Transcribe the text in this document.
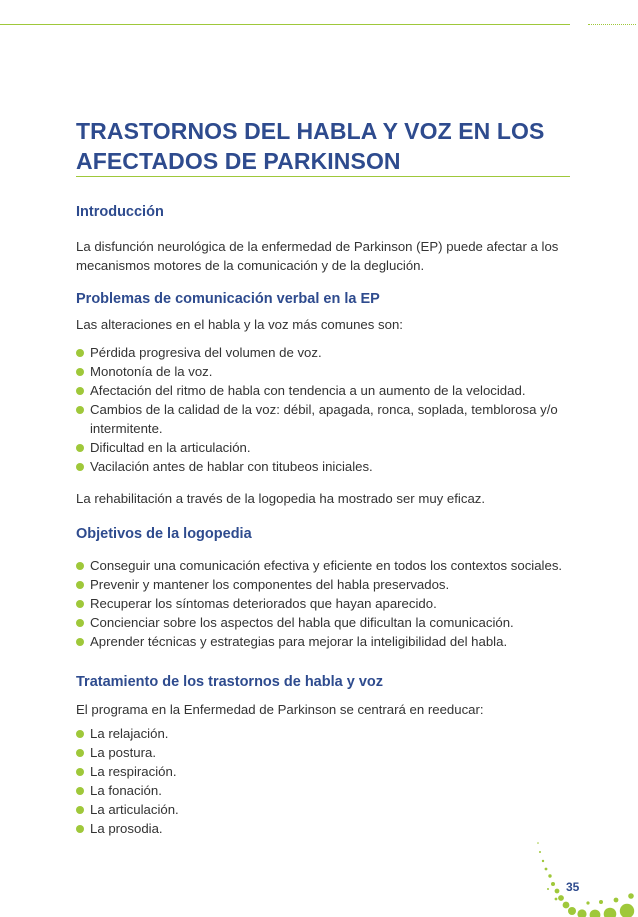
TRASTORNOS DEL HABLA Y VOZ EN LOS AFECTADOS DE PARKINSON
Introducción

La disfunción neurológica de la enfermedad de Parkinson (EP) puede afectar a los mecanismos motores de la comunicación y de la deglución.

Problemas de comunicación verbal en la EP

Las alteraciones en el habla y la voz más comunes son:

Pérdida progresiva del volumen de voz.
Monotonía de la voz.
Afectación del ritmo de habla con tendencia a un aumento de la velocidad.
Cambios de la calidad de la voz: débil, apagada, ronca, soplada, temblorosa y/o intermitente.
Dificultad en la articulación.
Vacilación antes de hablar con titubeos iniciales.

La rehabilitación a través de la logopedia ha mostrado ser muy eficaz.

Objetivos de la logopedia
Conseguir una comunicación efectiva y eficiente en todos los contextos sociales.
Prevenir y mantener los componentes del habla preservados.
Recuperar los síntomas deteriorados que hayan aparecido.
Concienciar sobre los aspectos del habla que dificultan la comunicación.
Aprender técnicas y estrategias para mejorar la inteligibilidad del habla.
Tratamiento de los trastornos de habla y voz

El programa en la Enfermedad de Parkinson se centrará en reeducar:

La relajación.
La postura.
La respiración.
La fonación.
La articulación.
La prosodia.
35
